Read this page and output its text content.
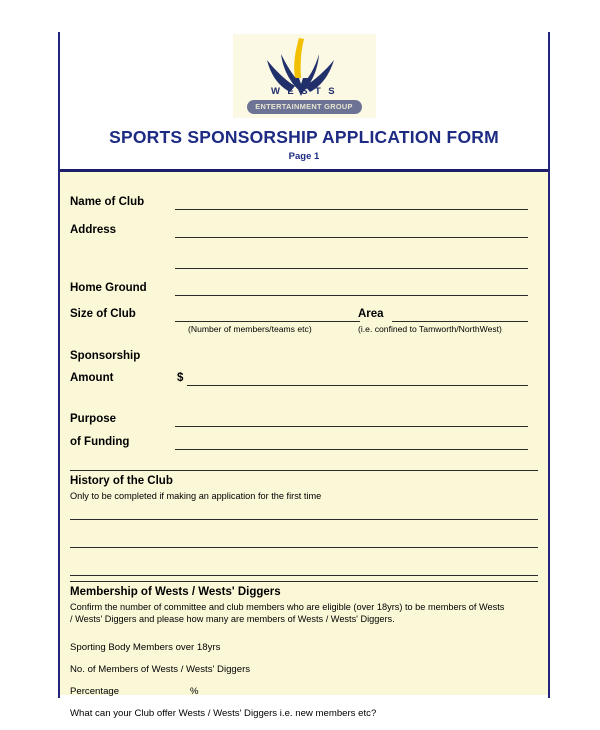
W E S T S
ENTERTAINMENT GROUP
SPORTS SPONSORSHIP APPLICATION FORM
Page 1
Name of Club
Address
Home Ground
Size of Club
(Number of members/teams etc)
Area
(i.e. confined to Tamworth/NorthWest)
Sponsorship
Amount	$
Purpose
of Funding
History of the Club
Only to be completed if making an application for the first time
Membership of Wests / Wests' Diggers
Confirm the number of committee and club members who are eligible (over 18yrs) to be members of Wests
/ Wests' Diggers and please how many are members of Wests / Wests' Diggers.
Sporting Body Members over 18yrs
No. of Members of Wests / Wests' Diggers
Percentage	%
What can your Club offer Wests / Wests' Diggers i.e. new members etc?
